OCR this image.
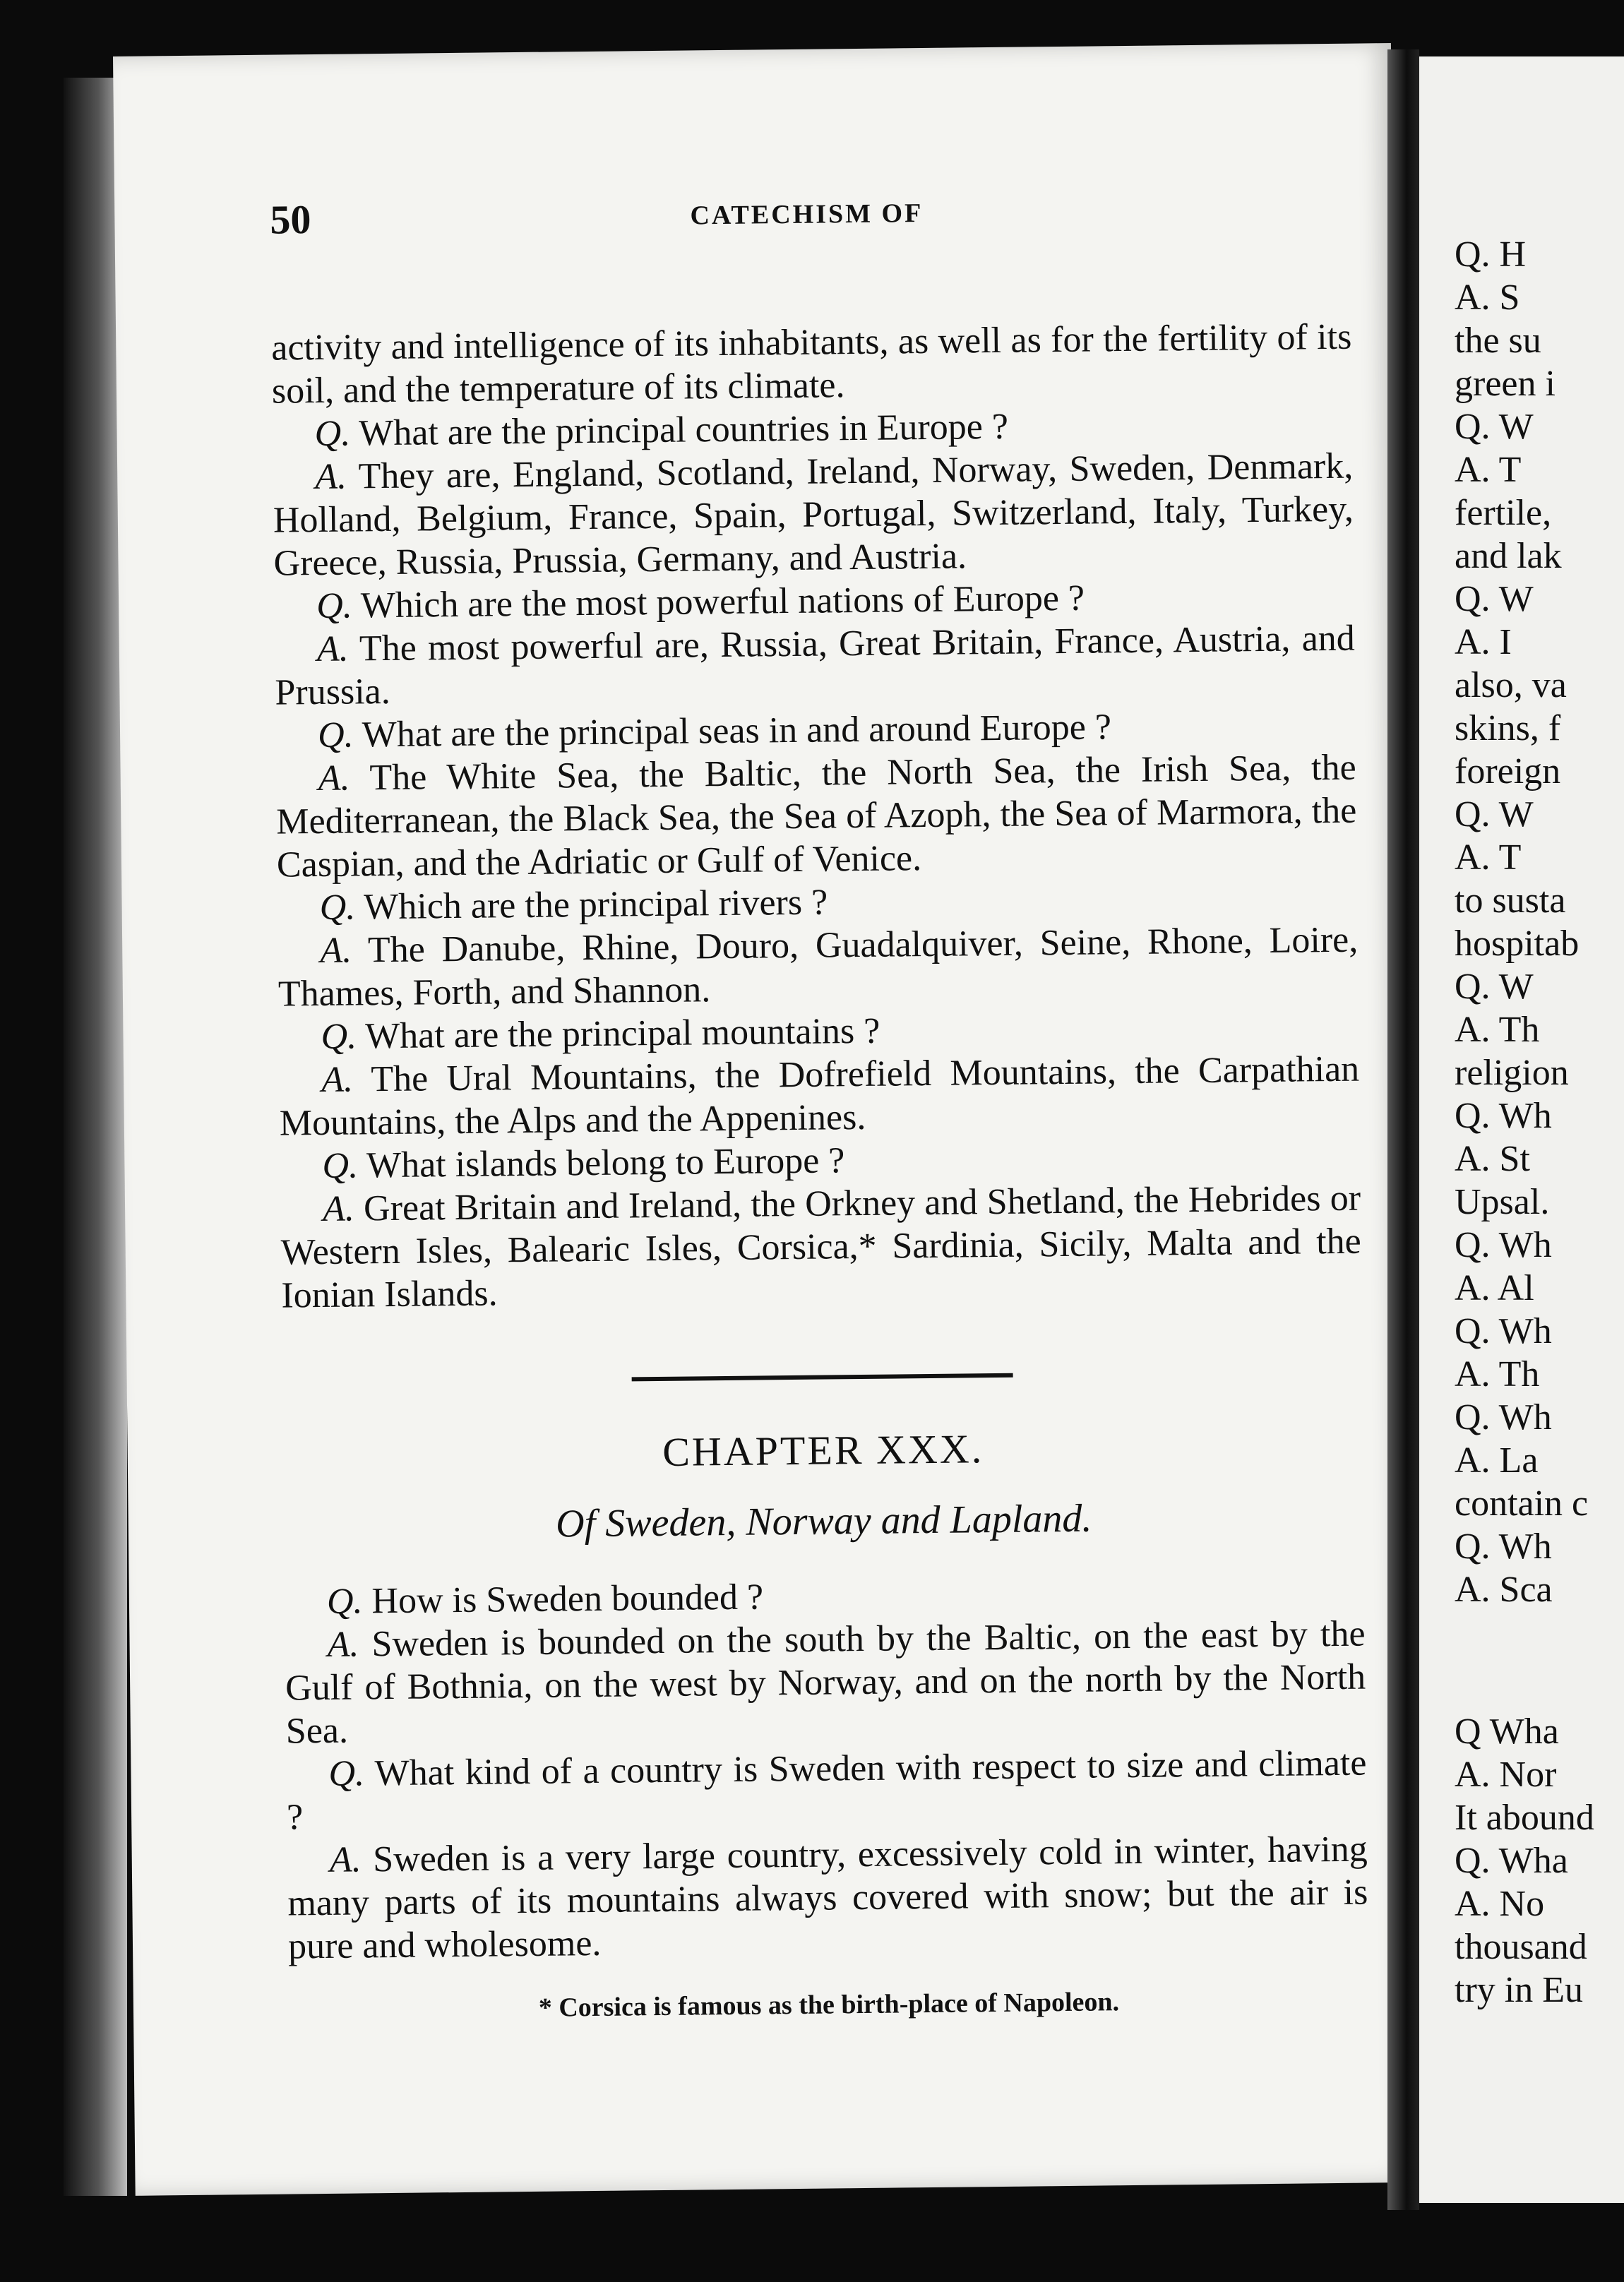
50	CATECHISM OF

activity and intelligence of its inhabitants, as well as for the fertility of its soil, and the temperature of its climate.

Q. What are the principal countries in Europe ?

A. They are, England, Scotland, Ireland, Norway, Sweden, Denmark, Holland, Belgium, France, Spain, Portugal, Switzerland, Italy, Turkey, Greece, Russia, Prussia, Germany, and Austria.

Q. Which are the most powerful nations of Europe ?

A. The most powerful are, Russia, Great Britain, France, Austria, and Prussia.

Q. What are the principal seas in and around Europe ?

A. The White Sea, the Baltic, the North Sea, the Irish Sea, the Mediterranean, the Black Sea, the Sea of Azoph, the Sea of Marmora, the Caspian, and the Adriatic or Gulf of Venice.

Q. Which are the principal rivers ?

A. The Danube, Rhine, Douro, Guadalquiver, Seine, Rhone, Loire, Thames, Forth, and Shannon.

Q. What are the principal mountains ?

A. The Ural Mountains, the Dofrefield Mountains, the Carpathian Mountains, the Alps and the Appenines.

Q. What islands belong to Europe ?

A. Great Britain and Ireland, the Orkney and Shetland, the Hebrides or Western Isles, Balearic Isles, Corsica,* Sardinia, Sicily, Malta and the Ionian Islands.

CHAPTER XXX.
Of Sweden, Norway and Lapland.

Q. How is Sweden bounded ?

A. Sweden is bounded on the south by the Baltic, on the east by the Gulf of Bothnia, on the west by Norway, and on the north by the North Sea.

Q. What kind of a country is Sweden with respect to size and climate ?

A. Sweden is a very large country, excessively cold in winter, having many parts of its mountains always covered with snow; but the air is pure and wholesome.

* Corsica is famous as the birth-place of Napoleon.
Q. H
A. S
the su
green i
Q. W
A. T
fertile,
and lak
Q. W
A. I
also, va
skins, f
foreign
Q. W
A. T
to susta
hospitab
Q. W
A. Th
religion
Q. Wh
A. St
Upsal.
Q. Wh
A. Al
Q. Wh
A. Th
Q. Wh
A. La
contain c
Q. Wh
A. Sca
Q Wha
A. Nor
It abound
Q. Wha
A. No
thousand
try in Eu
